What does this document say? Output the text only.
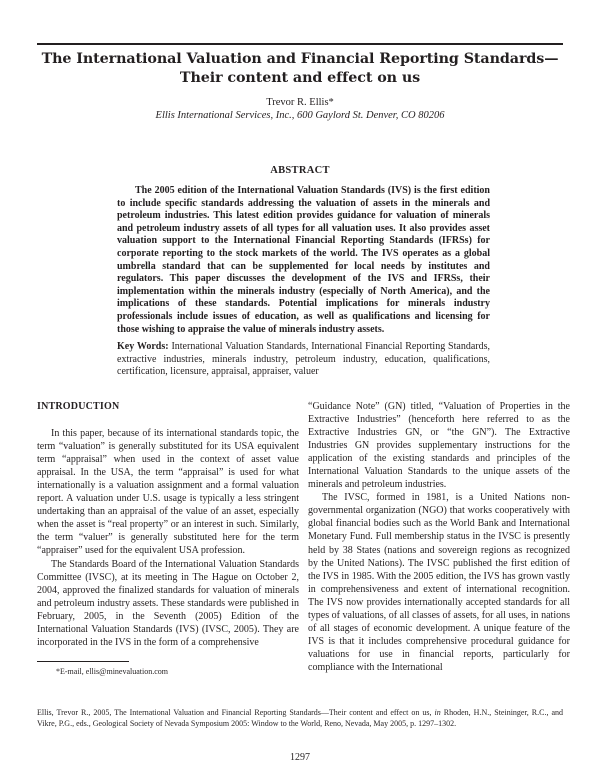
The International Valuation and Financial Reporting Standards—
Their content and effect on us
Trevor R. Ellis*
Ellis International Services, Inc., 600 Gaylord St. Denver, CO 80206
ABSTRACT

The 2005 edition of the International Valuation Standards (IVS) is the first edition to include specific standards addressing the valuation of assets in the minerals and petroleum industries. This latest edition provides guidance for valuation of minerals and petroleum industry assets of all types for all valuation uses. It also provides asset valuation support to the International Financial Reporting Standards (IFRSs) for corporate reporting to the stock markets of the world. The IVS operates as a global umbrella standard that can be supplemented for local needs by institutes and regulators. This paper discusses the development of the IVS and IFRSs, their implementation within the minerals industry (especially of North America), and the implications of these standards. Potential implications for minerals industry professionals include issues of education, as well as qualifications and licensing for those wishing to appraise the value of minerals industry assets.

Key Words: International Valuation Standards, International Financial Reporting Standards, extractive industries, minerals industry, petroleum industry, education, qualifications, certification, licensure, appraisal, appraiser, valuer

INTRODUCTION

In this paper, because of its international standards topic, the term “valuation” is generally substituted for its USA equivalent term “appraisal” when used in the context of asset value appraisal. In the USA, the term “appraisal” is used for what internationally is a valuation assignment and a formal valuation report. A valuation under U.S. usage is typically a less stringent undertaking than an appraisal of the value of an asset, especially when the asset is “real property” or an interest in such. Similarly, the term “valuer” is generally substituted here for the term “appraiser” used for the equivalent USA profession.

The Standards Board of the International Valuation Standards Committee (IVSC), at its meeting in The Hague on October 2, 2004, approved the finalized standards for valuation of minerals and petroleum industry assets. These standards were published in February, 2005, in the Seventh (2005) Edition of the International Valuation Standards (IVS) (IVSC, 2005). They are incorporated in the IVS in the form of a comprehensive

“Guidance Note” (GN) titled, “Valuation of Properties in the Extractive Industries” (henceforth here referred to as the Extractive Industries GN, or “the GN”). The Extractive Industries GN provides supplementary instructions for the application of the existing standards and principles of the International Valuation Standards to the unique assets of the minerals and petroleum industries.

The IVSC, formed in 1981, is a United Nations non-governmental organization (NGO) that works cooperatively with global financial bodies such as the World Bank and International Monetary Fund. Full membership status in the IVSC is presently held by 38 States (nations and sovereign regions as recognized by the United Nations). The IVSC published the first edition of the IVS in 1985. With the 2005 edition, the IVS has grown vastly in comprehensiveness and extent of international recognition. The IVS now provides internationally accepted standards for all types of valuations, of all classes of assets, for all uses, in nations of all stages of economic development. A unique feature of the IVS is that it includes comprehensive procedural guidance for valuations for use in financial reports, particularly for compliance with the International

*E-mail, ellis@minevaluation.com
Ellis, Trevor R., 2005, The International Valuation and Financial Reporting Standards—Their content and effect on us, in Rhoden, H.N., Steininger, R.C., and Vikre, P.G., eds., Geological Society of Nevada Symposium 2005: Window to the World, Reno, Nevada, May 2005, p. 1297–1302.
1297
